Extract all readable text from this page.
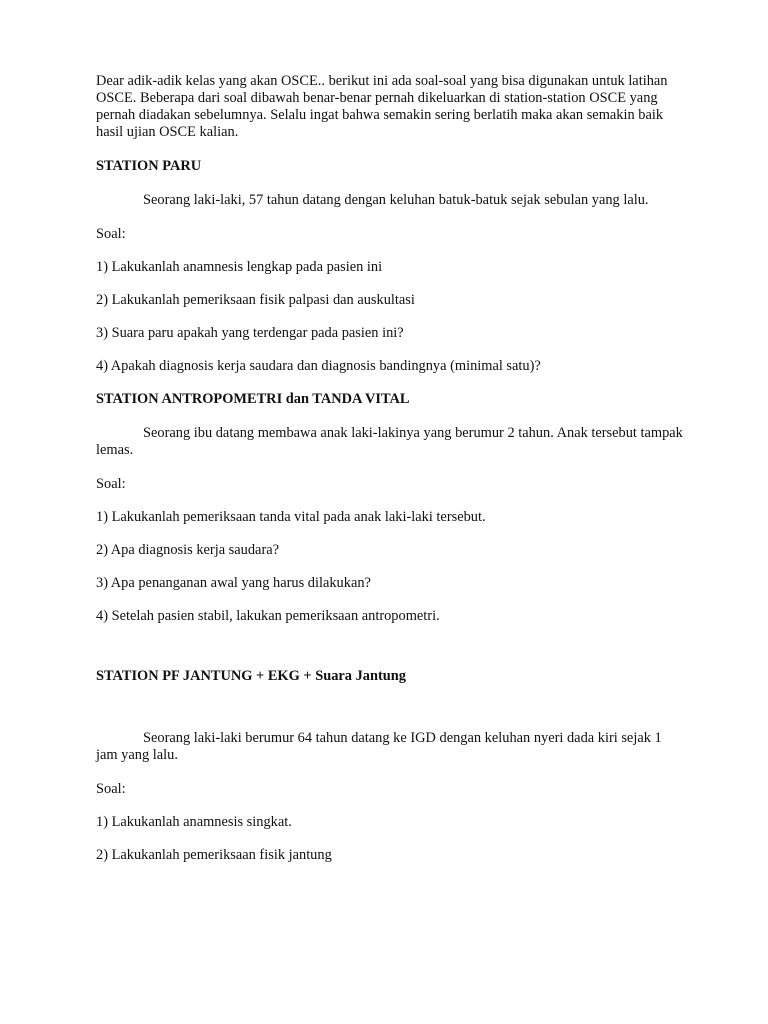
Dear adik-adik kelas yang akan OSCE.. berikut ini ada soal-soal yang bisa digunakan untuk latihan OSCE. Beberapa dari soal dibawah benar-benar pernah dikeluarkan di station-station OSCE yang pernah diadakan sebelumnya. Selalu ingat bahwa semakin sering berlatih maka akan semakin baik hasil ujian OSCE kalian.

STATION PARU

Seorang laki-laki, 57 tahun datang dengan keluhan batuk-batuk sejak sebulan yang lalu.

Soal:

1) Lakukanlah anamnesis lengkap pada pasien ini

2) Lakukanlah pemeriksaan fisik palpasi dan auskultasi

3) Suara paru apakah yang terdengar pada pasien ini?

4) Apakah diagnosis kerja saudara dan diagnosis bandingnya (minimal satu)?

STATION ANTROPOMETRI dan TANDA VITAL

Seorang ibu datang membawa anak laki-lakinya yang berumur 2 tahun. Anak tersebut tampak lemas.

Soal:

1) Lakukanlah pemeriksaan tanda vital pada anak laki-laki tersebut.

2) Apa diagnosis kerja saudara?

3) Apa penanganan awal yang harus dilakukan?

4) Setelah pasien stabil, lakukan pemeriksaan antropometri.

STATION PF JANTUNG + EKG + Suara Jantung

Seorang laki-laki berumur 64 tahun datang ke IGD dengan keluhan nyeri dada kiri sejak 1 jam yang lalu.

Soal:

1) Lakukanlah anamnesis singkat.

2) Lakukanlah pemeriksaan fisik jantung
